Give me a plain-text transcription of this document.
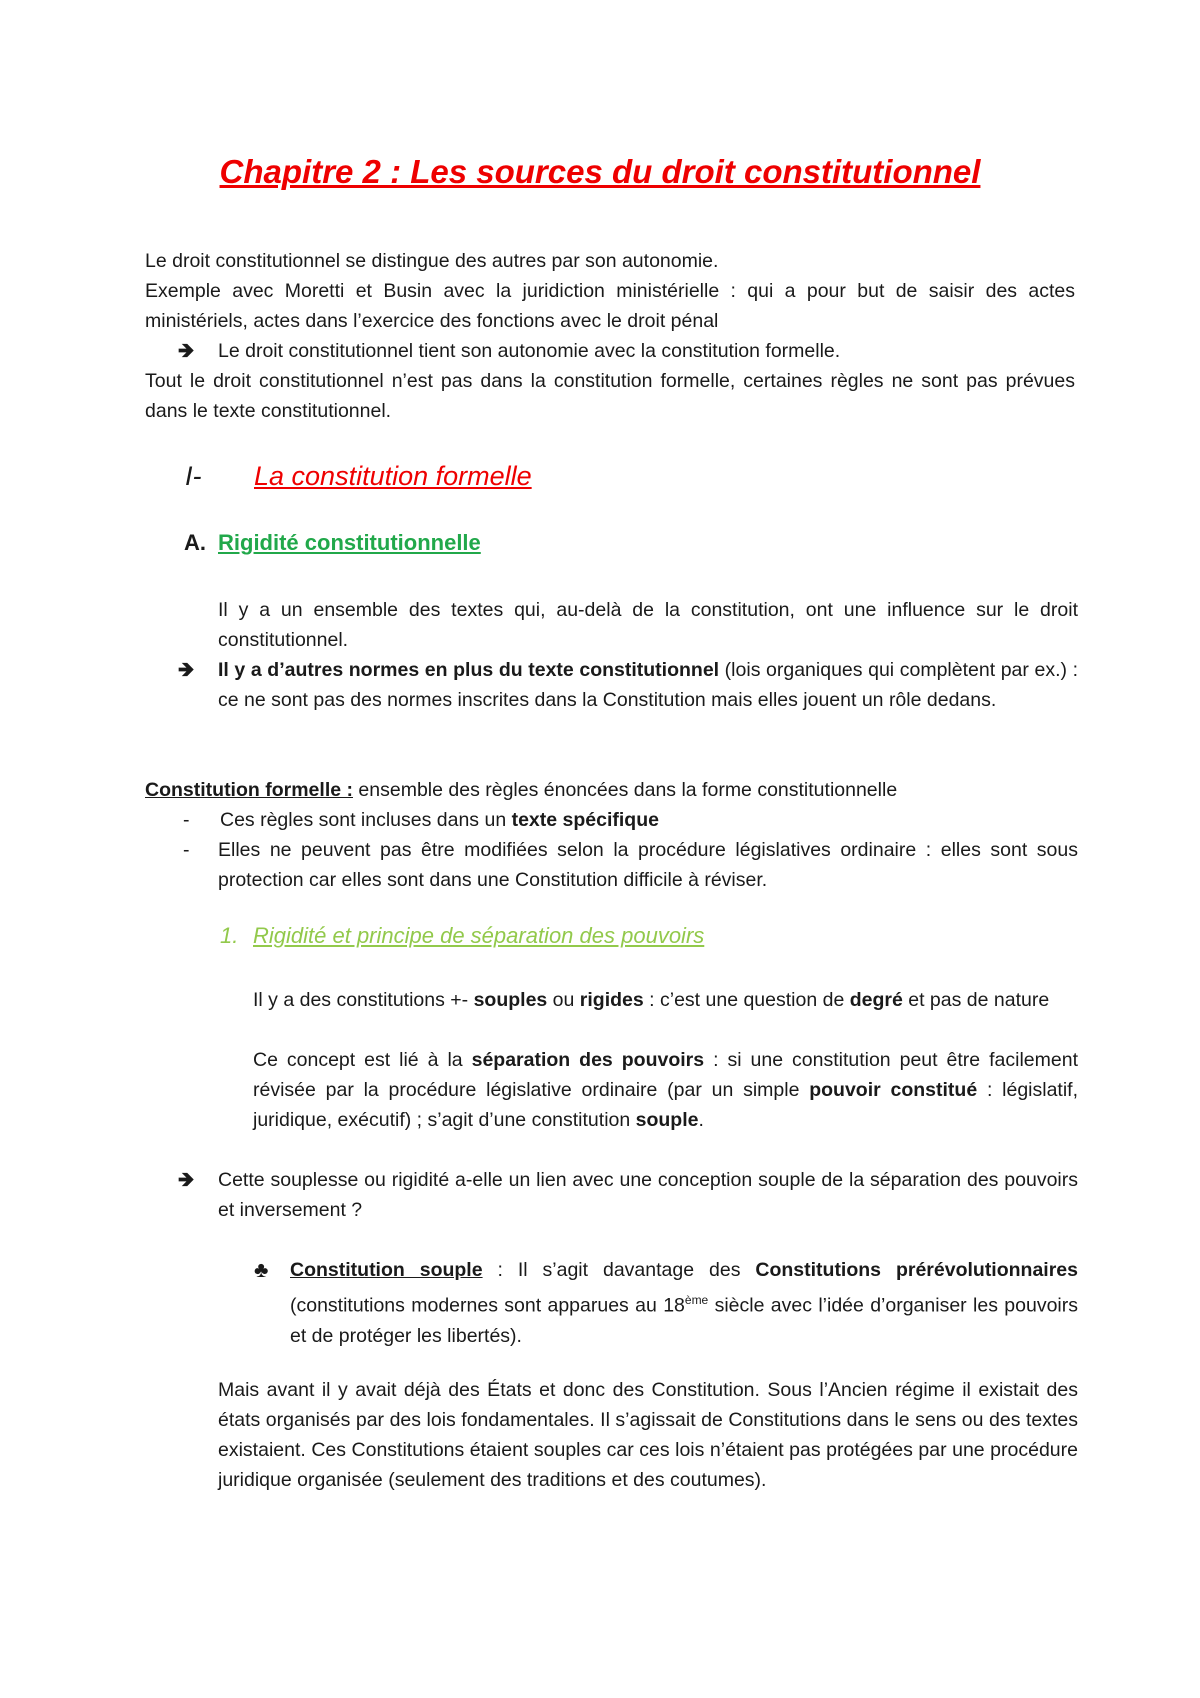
Chapitre 2 : Les sources du droit constitutionnel

Le droit constitutionnel se distingue des autres par son autonomie.

Exemple avec Moretti et Busin avec la juridiction ministérielle : qui a pour but de saisir des actes ministériels, actes dans l’exercice des fonctions avec le droit pénal

🡺 Le droit constitutionnel tient son autonomie avec la constitution formelle.

Tout le droit constitutionnel n’est pas dans la constitution formelle, certaines règles ne sont pas prévues dans le texte constitutionnel.

I- La constitution formelle
A. Rigidité constitutionnelle

Il y a un ensemble des textes qui, au-delà de la constitution, ont une influence sur le droit constitutionnel.

🡺 Il y a d’autres normes en plus du texte constitutionnel (lois organiques qui complètent par ex.) : ce ne sont pas des normes inscrites dans la Constitution mais elles jouent un rôle dedans.

Constitution formelle : ensemble des règles énoncées dans la forme constitutionnelle

- Ces règles sont incluses dans un texte spécifique

- Elles ne peuvent pas être modifiées selon la procédure législatives ordinaire : elles sont sous protection car elles sont dans une Constitution difficile à réviser.

1. Rigidité et principe de séparation des pouvoirs

Il y a des constitutions +- souples ou rigides : c’est une question de degré et pas de nature

Ce concept est lié à la séparation des pouvoirs : si une constitution peut être facilement révisée par la procédure législative ordinaire (par un simple pouvoir constitué : législatif, juridique, exécutif) ; s’agit d’une constitution souple.

🡺 Cette souplesse ou rigidité a-elle un lien avec une conception souple de la séparation des pouvoirs et inversement ?

♣ Constitution souple : Il s’agit davantage des Constitutions prérévolutionnaires (constitutions modernes sont apparues au 18ème siècle avec l’idée d’organiser les pouvoirs et de protéger les libertés).

Mais avant il y avait déjà des États et donc des Constitution. Sous l’Ancien régime il existait des états organisés par des lois fondamentales. Il s’agissait de Constitutions dans le sens ou des textes existaient. Ces Constitutions étaient souples car ces lois n’étaient pas protégées par une procédure juridique organisée (seulement des traditions et des coutumes).
